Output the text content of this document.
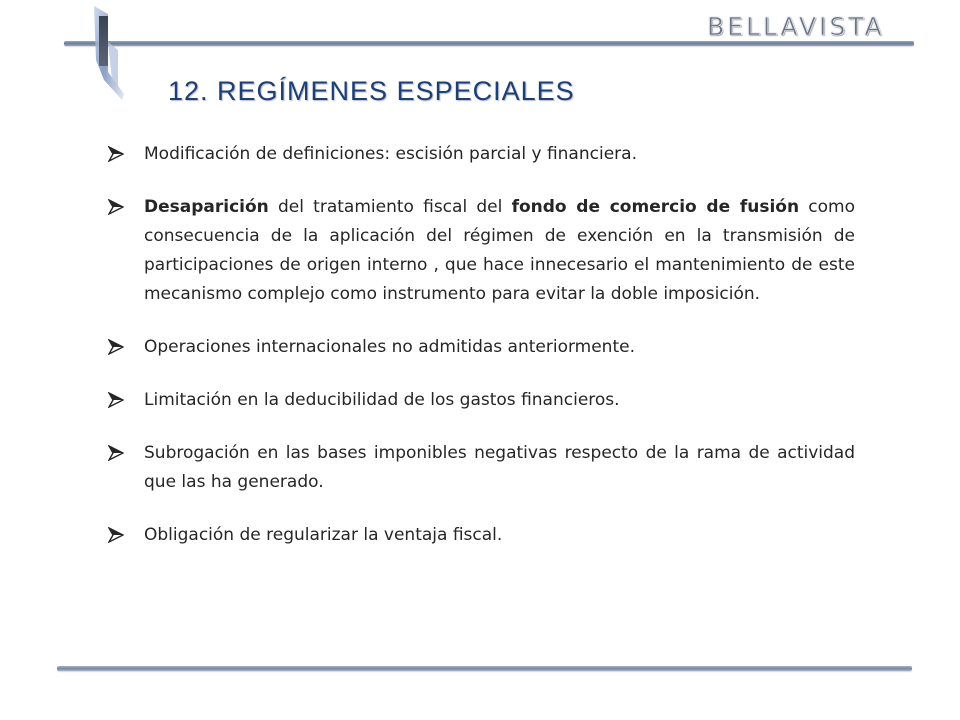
BELLAVISTA
12. REGÍMENES ESPECIALES
Modificación de definiciones: escisión parcial y financiera.
Desaparición del tratamiento fiscal del fondo de comercio de fusión como consecuencia de la aplicación del régimen de exención en la transmisión de participaciones de origen interno , que hace innecesario el mantenimiento de este mecanismo complejo como instrumento para evitar la doble imposición.
Operaciones internacionales no admitidas anteriormente.
Limitación en la deducibilidad de los gastos financieros.
Subrogación en las bases imponibles negativas respecto de la rama de actividad que las ha generado.
Obligación de regularizar la ventaja fiscal.
